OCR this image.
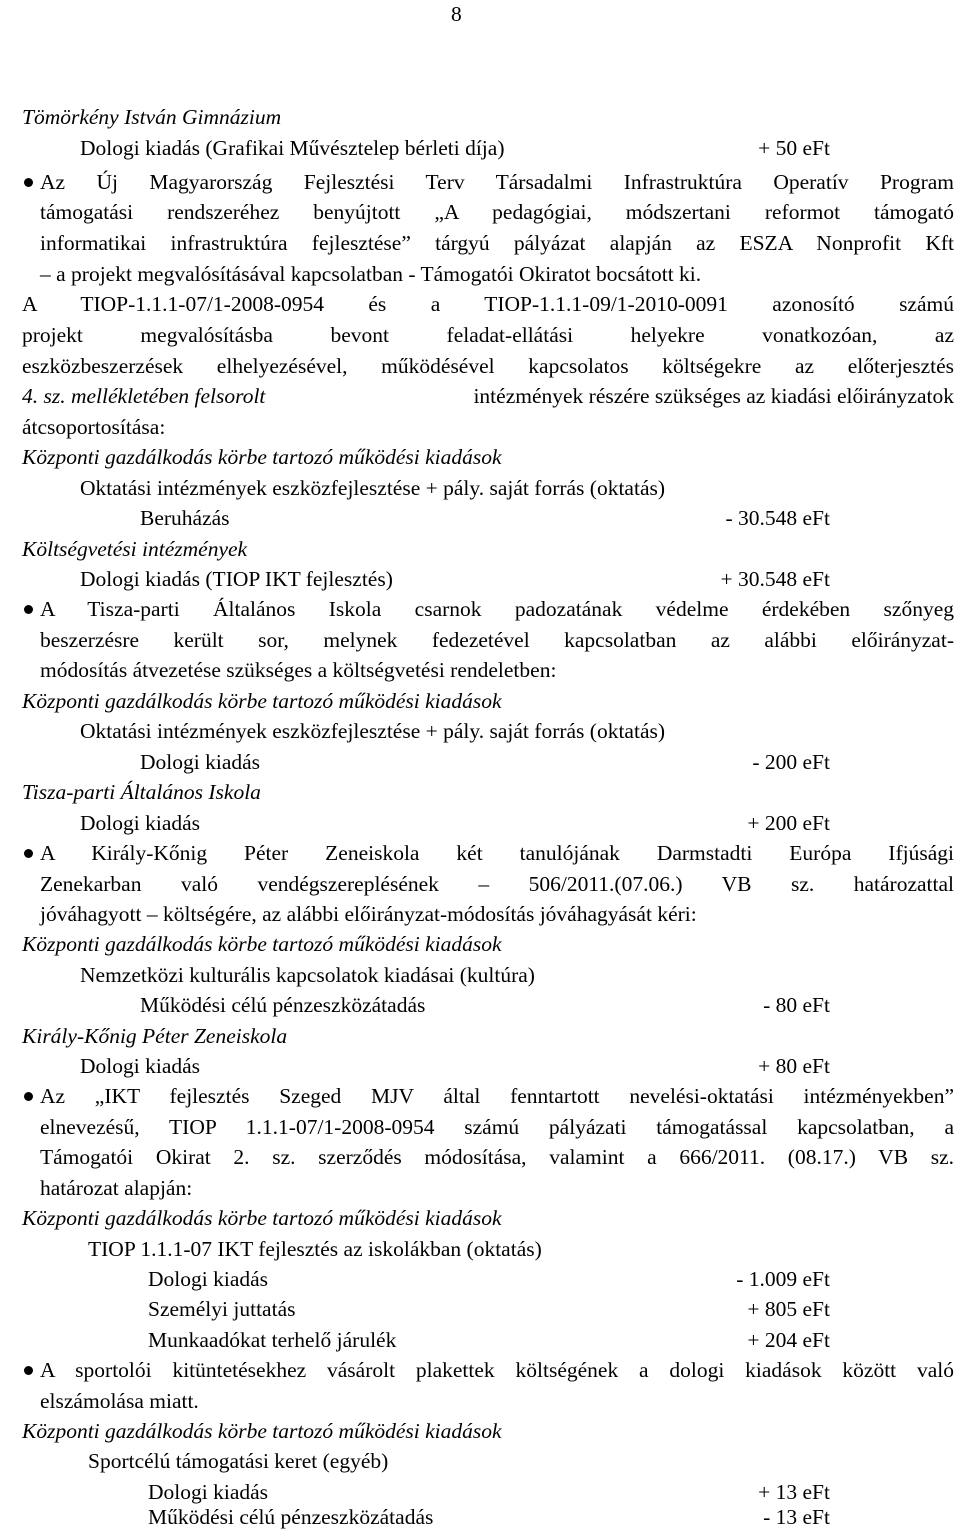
8
Tömörkény István Gimnázium
Dologi kiadás (Grafikai Művésztelep bérleti díja)	+ 50 eFt
Az Új Magyarország Fejlesztési Terv Társadalmi Infrastruktúra Operatív Program
támogatási rendszeréhez benyújtott „A pedagógiai, módszertani reformot támogató
informatikai infrastruktúra fejlesztése” tárgyú pályázat alapján az ESZA Nonprofit Kft
– a projekt megvalósításával kapcsolatban - Támogatói Okiratot bocsátott ki.
A TIOP-1.1.1-07/1-2008-0954 és a TIOP-1.1.1-09/1-2010-0091 azonosító számú
projekt megvalósításba bevont feladat-ellátási helyekre vonatkozóan, az
eszközbeszerzések elhelyezésével, működésével kapcsolatos költségekre az előterjesztés
4. sz. mellékletében felsorolt	intézmények részére szükséges az kiadási előirányzatok
átcsoportosítása:
Központi gazdálkodás körbe tartozó működési kiadások
Oktatási intézmények eszközfejlesztése + pály. saját forrás (oktatás)
Beruházás	- 30.548 eFt
Költségvetési intézmények
Dologi kiadás (TIOP IKT fejlesztés)	+ 30.548 eFt
A Tisza-parti Általános Iskola csarnok padozatának védelme érdekében szőnyeg
beszerzésre került sor, melynek fedezetével kapcsolatban az alábbi előirányzat-
módosítás átvezetése szükséges a költségvetési rendeletben:
Központi gazdálkodás körbe tartozó működési kiadások
Oktatási intézmények eszközfejlesztése + pály. saját forrás (oktatás)
Dologi kiadás	- 200 eFt
Tisza-parti Általános Iskola
Dologi kiadás	+ 200 eFt
A Király-Kőnig Péter Zeneiskola két tanulójának Darmstadti Európa Ifjúsági
Zenekarban való vendégszereplésének – 506/2011.(07.06.) VB sz. határozattal
jóváhagyott – költségére, az alábbi előirányzat-módosítás jóváhagyását kéri:
Központi gazdálkodás körbe tartozó működési kiadások
Nemzetközi kulturális kapcsolatok kiadásai (kultúra)
Működési célú pénzeszközátadás	- 80 eFt
Király-Kőnig Péter Zeneiskola
Dologi kiadás	+ 80 eFt
Az „IKT fejlesztés Szeged MJV által fenntartott nevelési-oktatási intézményekben”
elnevezésű, TIOP 1.1.1-07/1-2008-0954 számú pályázati támogatással kapcsolatban, a
Támogatói Okirat 2. sz. szerződés módosítása, valamint a 666/2011. (08.17.) VB sz.
határozat alapján:
Központi gazdálkodás körbe tartozó működési kiadások
TIOP 1.1.1-07 IKT fejlesztés az iskolákban (oktatás)
Dologi kiadás	- 1.009 eFt
Személyi juttatás	+ 805 eFt
Munkaadókat terhelő járulék	+ 204 eFt
A sportolói kitüntetésekhez vásárolt plakettek költségének a dologi kiadások között való
elszámolása miatt.
Központi gazdálkodás körbe tartozó működési kiadások
Sportcélú támogatási keret (egyéb)
Dologi kiadás	+ 13 eFt
Működési célú pénzeszközátadás	- 13 eFt
